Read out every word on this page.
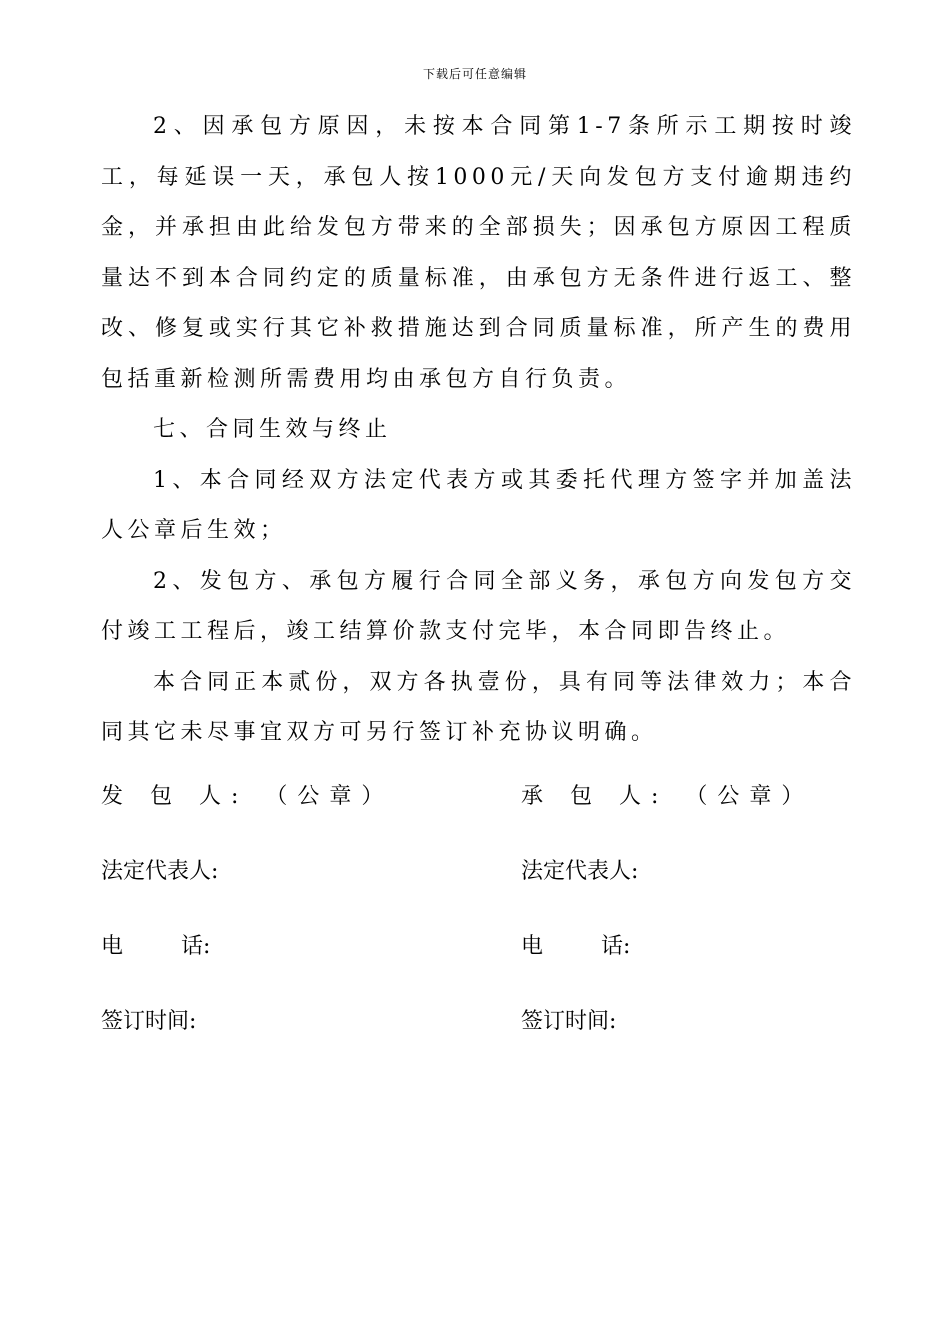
下载后可任意编辑

2、因承包方原因，未按本合同第1-7条所示工期按时竣工，每延误一天，承包人按1000元/天向发包方支付逾期违约金，并承担由此给发包方带来的全部损失；因承包方原因工程质量达不到本合同约定的质量标准，由承包方无条件进行返工、整改、修复或实行其它补救措施达到合同质量标准，所产生的费用包括重新检测所需费用均由承包方自行负责。

七、合同生效与终止

1、本合同经双方法定代表方或其委托代理方签字并加盖法人公章后生效；

2、发包方、承包方履行合同全部义务，承包方向发包方交付竣工工程后，竣工结算价款支付完毕，本合同即告终止。

本合同正本贰份，双方各执壹份，具有同等法律效力；本合同其它未尽事宜双方可另行签订补充协议明确。

发 包 人: （公章）	承 包 人: （公章）
法定代表人:	法定代表人:
电	话:	电	话:
签订时间:	签订时间:
